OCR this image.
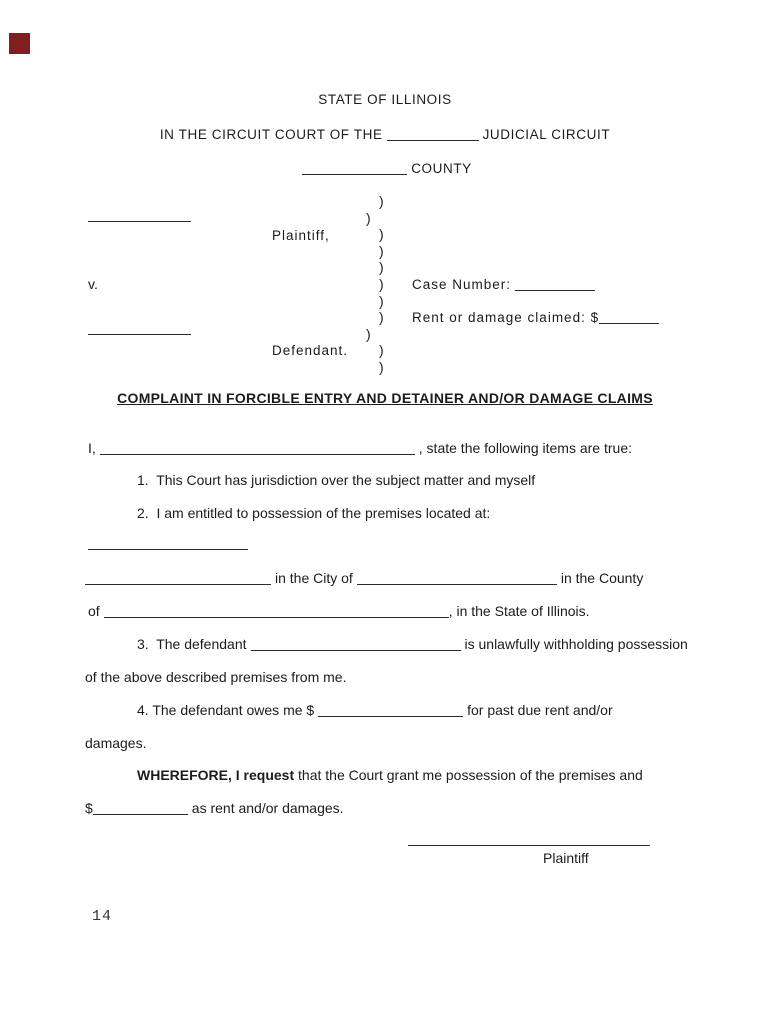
STATE OF ILLINOIS
IN THE CIRCUIT COURT OF THE	JUDICIAL CIRCUIT
COUNTY
Plaintiff,
)
)
)
)
)
)
)
)
)
)
)
v.	Case Number:
Rent or damage claimed: $
Defendant.
COMPLAINT IN FORCIBLE ENTRY AND DETAINER AND/OR DAMAGE CLAIMS
I,	, state the following items are true:
1.  This Court has jurisdiction over the subject matter and myself
2.  I am entitled to possession of the premises located at:
in the City of	in the County
of	, in the State of Illinois.
3.  The defendant	is unlawfully withholding possession
of the above described premises from me.
4. The defendant owes me $	for past due rent and/or
damages.
WHEREFORE, I request that the Court grant me possession of the premises and
$	as rent and/or damages.
Plaintiff
14
